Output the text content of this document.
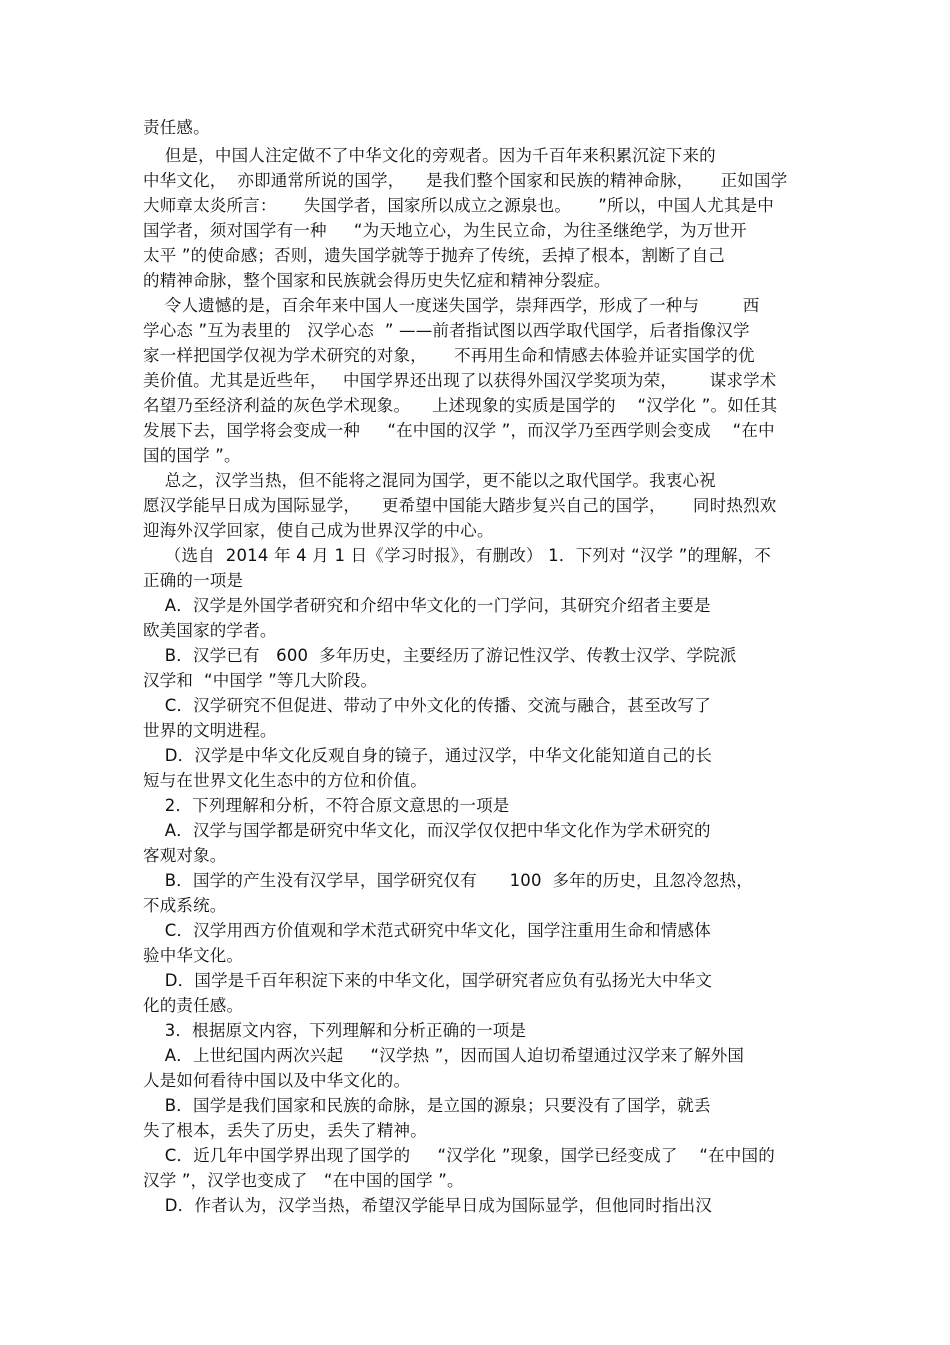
责任感。
但是，中国人注定做不了中华文化的旁观者。因为千百年来积累沉淀下来的
中华文化，  亦即通常所说的国学，    是我们整个国家和民族的精神命脉，     正如国学
大师章太炎所言：     失国学者，国家所以成立之源泉也。     ”所以，中国人尤其是中
国学者，须对国学有一种     “为天地立心，为生民立命，为往圣继绝学，为万世开
太平 ”的使命感；否则，遗失国学就等于抛弃了传统，丢掉了根本，割断了自己
的精神命脉，整个国家和民族就会得历史失忆症和精神分裂症。
令人遗憾的是，百余年来中国人一度迷失国学，崇拜西学，形成了一种与        西
学心态 ”互为表里的   汉学心态  ” ——前者指试图以西学取代国学，后者指像汉学
家一样把国学仅视为学术研究的对象，     不再用生命和情感去体验并证实国学的优
美价值。尤其是近些年，   中国学界还出现了以获得外国汉学奖项为荣，      谋求学术
名望乃至经济利益的灰色学术现象。    上述现象的实质是国学的    “汉学化 ”。如任其
发展下去，国学将会变成一种     “在中国的汉学 ”，而汉学乃至西学则会变成    “在中
国的国学 ”。
总之，汉学当热，但不能将之混同为国学，更不能以之取代国学。我衷心祝
愿汉学能早日成为国际显学，    更希望中国能大踏步复兴自己的国学，     同时热烈欢
迎海外汉学回家，使自己成为世界汉学的中心。
（选自  2014 年 4 月 1 日《学习时报》，有删改） 1．下列对 “汉学 ”的理解，不
正确的一项是
A．汉学是外国学者研究和介绍中华文化的一门学问，其研究介绍者主要是
欧美国家的学者。
B．汉学已有   600  多年历史，主要经历了游记性汉学、传教士汉学、学院派
汉学和  “中国学 ”等几大阶段。
C．汉学研究不但促进、带动了中外文化的传播、交流与融合，甚至改写了
世界的文明进程。
D．汉学是中华文化反观自身的镜子，通过汉学，中华文化能知道自己的长
短与在世界文化生态中的方位和价值。
2．下列理解和分析，不符合原文意思的一项是
A．汉学与国学都是研究中华文化，而汉学仅仅把中华文化作为学术研究的
客观对象。
B．国学的产生没有汉学早，国学研究仅有      100  多年的历史，且忽冷忽热，
不成系统。
C．汉学用西方价值观和学术范式研究中华文化，国学注重用生命和情感体
验中华文化。
D．国学是千百年积淀下来的中华文化，国学研究者应负有弘扬光大中华文
化的责任感。
3．根据原文内容，下列理解和分析正确的一项是
A．上世纪国内两次兴起     “汉学热 ”，因而国人迫切希望通过汉学来了解外国
人是如何看待中国以及中华文化的。
B．国学是我们国家和民族的命脉，是立国的源泉；只要没有了国学，就丢
失了根本，丢失了历史，丢失了精神。
C．近几年中国学界出现了国学的     “汉学化 ”现象，国学已经变成了    “在中国的
汉学 ”，汉学也变成了   “在中国的国学 ”。
D．作者认为，汉学当热，希望汉学能早日成为国际显学，但他同时指出汉
